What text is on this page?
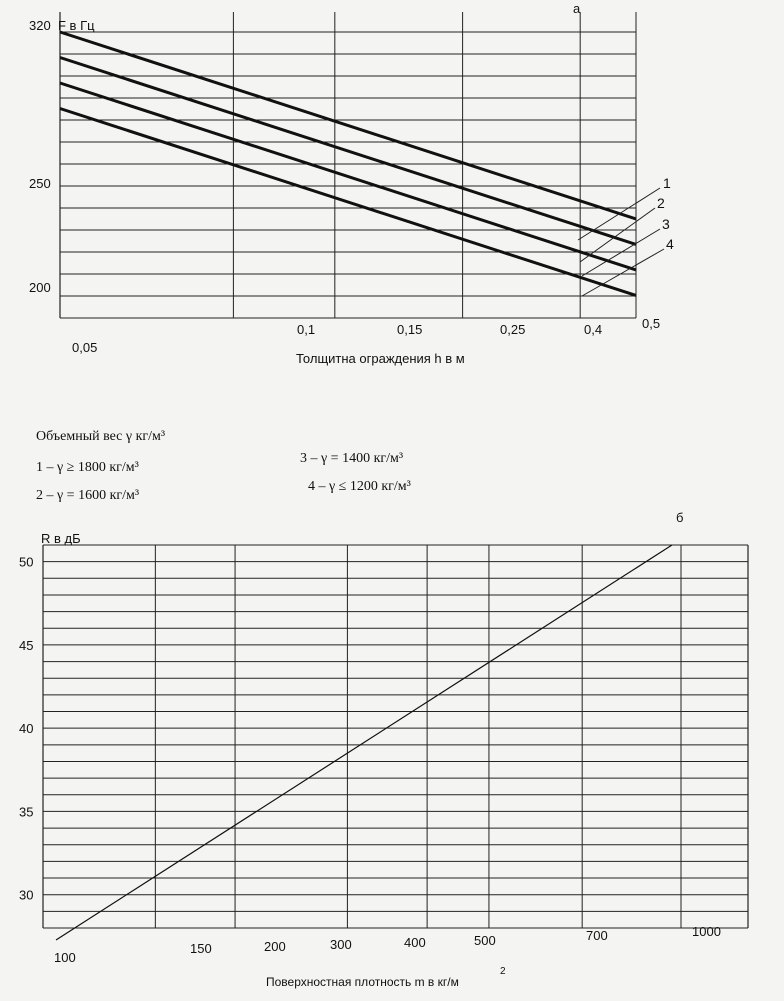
1
2
3
4
320
250
200
F в Гц
0,05
0,1	0,15	0,25	0,4	0,5
Толщитна ограждения h в м
а
Объемный вес γ кг/м³
1 – γ ≥ 1800 кг/м³
2 – γ = 1600 кг/м³
3 – γ = 1400 кг/м³
4 – γ ≤ 1200 кг/м³
30
35
40
45
50
R в дБ
100
150	200	300	400	500	700	1000
Поверхностная плотность m в кг/м
2
б
